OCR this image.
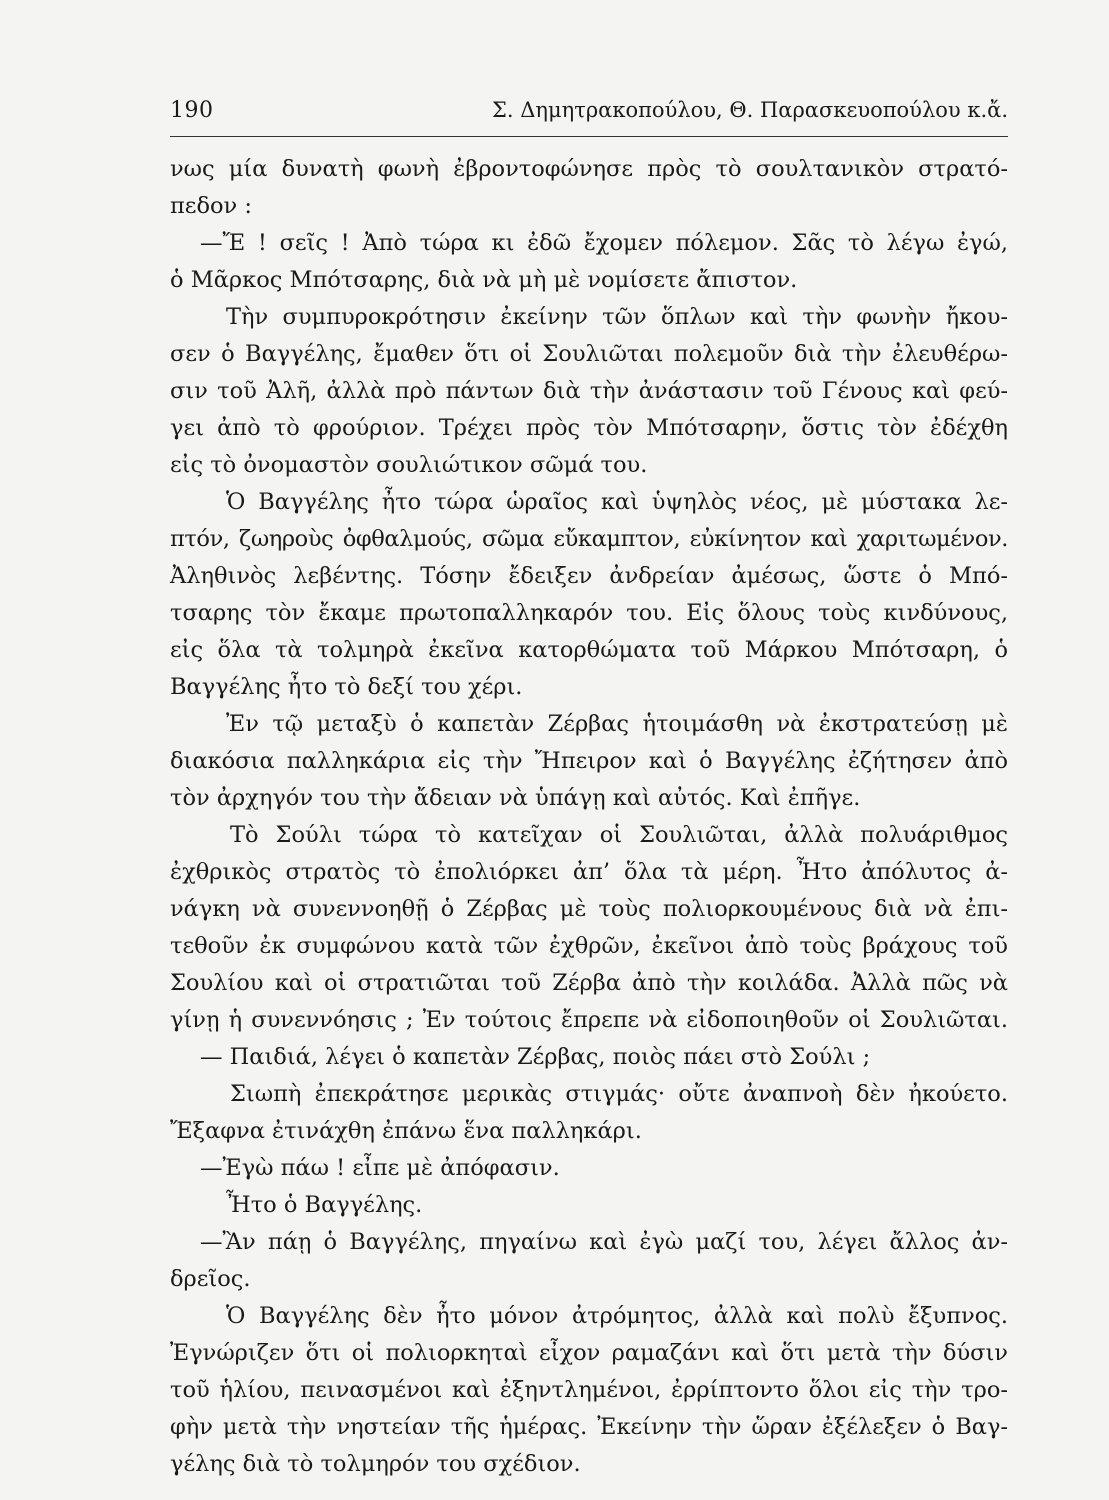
190	Σ. Δημητρακοπούλου, Θ. Παρασκευοπούλου κ.ἄ.
νως μία δυνατὴ φωνὴ ἐβροντοφώνησε πρὸς τὸ σουλτανικὸν στρατό-
πεδον :
—Ἔ ! σεῖς ! Ἀπὸ τώρα κι ἐδῶ ἔχομεν πόλεμον. Σᾶς τὸ λέγω ἐγώ,
ὁ Μᾶρκος Μπότσαρης, διὰ νὰ μὴ μὲ νομίσετε ἄπιστον.
Τὴν συμπυροκρότησιν ἐκείνην τῶν ὅπλων καὶ τὴν φωνὴν ἤκου-
σεν ὁ Βαγγέλης, ἔμαθεν ὅτι οἱ Σουλιῶται πολεμοῦν διὰ τὴν ἐλευθέρω-
σιν τοῦ Ἀλῆ, ἀλλὰ πρὸ πάντων διὰ τὴν ἀνάστασιν τοῦ Γένους καὶ φεύ-
γει ἀπὸ τὸ φρούριον. Τρέχει πρὸς τὸν Μπότσαρην, ὅστις τὸν ἐδέχθη
εἰς τὸ ὀνομαστὸν σουλιώτικον σῶμά του.
Ὁ Βαγγέλης ἦτο τώρα ὡραῖος καὶ ὑψηλὸς νέος, μὲ μύστακα λε-
πτόν, ζωηροὺς ὀφθαλμούς, σῶμα εὔκαμπτον, εὐκίνητον καὶ χαριτωμένον.
Ἀληθινὸς λεβέντης. Τόσην ἔδειξεν ἀνδρείαν ἀμέσως, ὥστε ὁ Μπό-
τσαρης τὸν ἔκαμε πρωτοπαλληκαρόν του. Εἰς ὅλους τοὺς κινδύνους,
εἰς ὅλα τὰ τολμηρὰ ἐκεῖνα κατορθώματα τοῦ Μάρκου Μπότσαρη, ὁ
Βαγγέλης ἦτο τὸ δεξί του χέρι.
Ἐν τῷ μεταξὺ ὁ καπετὰν Ζέρβας ἡτοιμάσθη νὰ ἐκστρατεύσῃ μὲ
διακόσια παλληκάρια εἰς τὴν Ἤπειρον καὶ ὁ Βαγγέλης ἐζήτησεν ἀπὸ
τὸν ἀρχηγόν του τὴν ἄδειαν νὰ ὑπάγῃ καὶ αὐτός. Καὶ ἐπῆγε.
Τὸ Σούλι τώρα τὸ κατεῖχαν οἱ Σουλιῶται, ἀλλὰ πολυάριθμος
ἐχθρικὸς στρατὸς τὸ ἐπολιόρκει ἀπ’ ὅλα τὰ μέρη. Ἦτο ἀπόλυτος ἀ-
νάγκη νὰ συνεννοηθῇ ὁ Ζέρβας μὲ τοὺς πολιορκουμένους διὰ νὰ ἐπι-
τεθοῦν ἐκ συμφώνου κατὰ τῶν ἐχθρῶν, ἐκεῖνοι ἀπὸ τοὺς βράχους τοῦ
Σουλίου καὶ οἱ στρατιῶται τοῦ Ζέρβα ἀπὸ τὴν κοιλάδα. Ἀλλὰ πῶς νὰ
γίνῃ ἡ συνεννόησις ; Ἐν τούτοις ἔπρεπε νὰ εἰδοποιηθοῦν οἱ Σουλιῶται.
— Παιδιά, λέγει ὁ καπετὰν Ζέρβας, ποιὸς πάει στὸ Σούλι ;
Σιωπὴ ἐπεκράτησε μερικὰς στιγμάς· οὔτε ἀναπνοὴ δὲν ἠκούετο.
Ἔξαφνα ἐτινάχθη ἐπάνω ἕνα παλληκάρι.
—Ἐγὼ πάω ! εἶπε μὲ ἀπόφασιν.
Ἦτο ὁ Βαγγέλης.
—Ἂν πάῃ ὁ Βαγγέλης, πηγαίνω καὶ ἐγὼ μαζί του, λέγει ἄλλος ἀν-
δρεῖος.
Ὁ Βαγγέλης δὲν ἦτο μόνον ἀτρόμητος, ἀλλὰ καὶ πολὺ ἔξυπνος.
Ἐγνώριζεν ὅτι οἱ πολιορκηταὶ εἶχον ραμαζάνι καὶ ὅτι μετὰ τὴν δύσιν
τοῦ ἡλίου, πεινασμένοι καὶ ἐξηντλημένοι, ἐρρίπτοντο ὅλοι εἰς τὴν τρο-
φὴν μετὰ τὴν νηστείαν τῆς ἡμέρας. Ἐκείνην τὴν ὥραν ἐξέλεξεν ὁ Βαγ-
γέλης διὰ τὸ τολμηρόν του σχέδιον.
